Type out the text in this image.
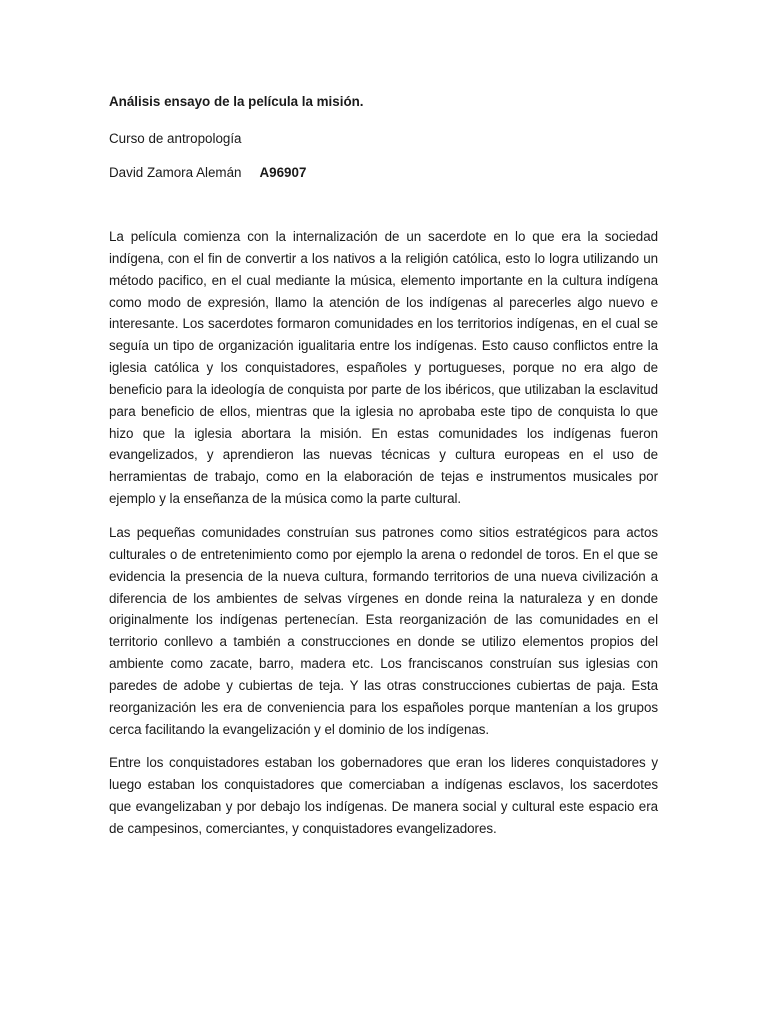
Análisis ensayo de la película la misión.

Curso de antropología

David Zamora Alemán A96907

La película comienza con la internalización de un sacerdote en lo que era la sociedad indígena, con el fin de convertir a los nativos a la religión católica, esto lo logra utilizando un método pacifico, en el cual mediante la música, elemento importante en la cultura indígena como modo de expresión, llamo la atención de los indígenas al parecerles algo nuevo e interesante. Los sacerdotes formaron comunidades en los territorios indígenas, en el cual se seguía un tipo de organización igualitaria entre los indígenas. Esto causo conflictos entre la iglesia católica y los conquistadores, españoles y portugueses, porque no era algo de beneficio para la ideología de conquista por parte de los ibéricos, que utilizaban la esclavitud para beneficio de ellos, mientras que la iglesia no aprobaba este tipo de conquista lo que hizo que la iglesia abortara la misión. En estas comunidades los indígenas fueron evangelizados, y aprendieron las nuevas técnicas y cultura europeas en el uso de herramientas de trabajo, como en la elaboración de tejas e instrumentos musicales por ejemplo y la enseñanza de la música como la parte cultural.

Las pequeñas comunidades construían sus patrones como sitios estratégicos para actos culturales o de entretenimiento como por ejemplo la arena o redondel de toros. En el que se evidencia la presencia de la nueva cultura, formando territorios de una nueva civilización a diferencia de los ambientes de selvas vírgenes en donde reina la naturaleza y en donde originalmente los indígenas pertenecían. Esta reorganización de las comunidades en el territorio conllevo a también a construcciones en donde se utilizo elementos propios del ambiente como zacate, barro, madera etc. Los franciscanos construían sus iglesias con paredes de adobe y cubiertas de teja. Y las otras construcciones cubiertas de paja. Esta reorganización les era de conveniencia para los españoles porque mantenían a los grupos cerca facilitando la evangelización y el dominio de los indígenas.

Entre los conquistadores estaban los gobernadores que eran los lideres conquistadores y luego estaban los conquistadores que comerciaban a indígenas esclavos, los sacerdotes que evangelizaban y por debajo los indígenas. De manera social y cultural este espacio era de campesinos, comerciantes, y conquistadores evangelizadores.
